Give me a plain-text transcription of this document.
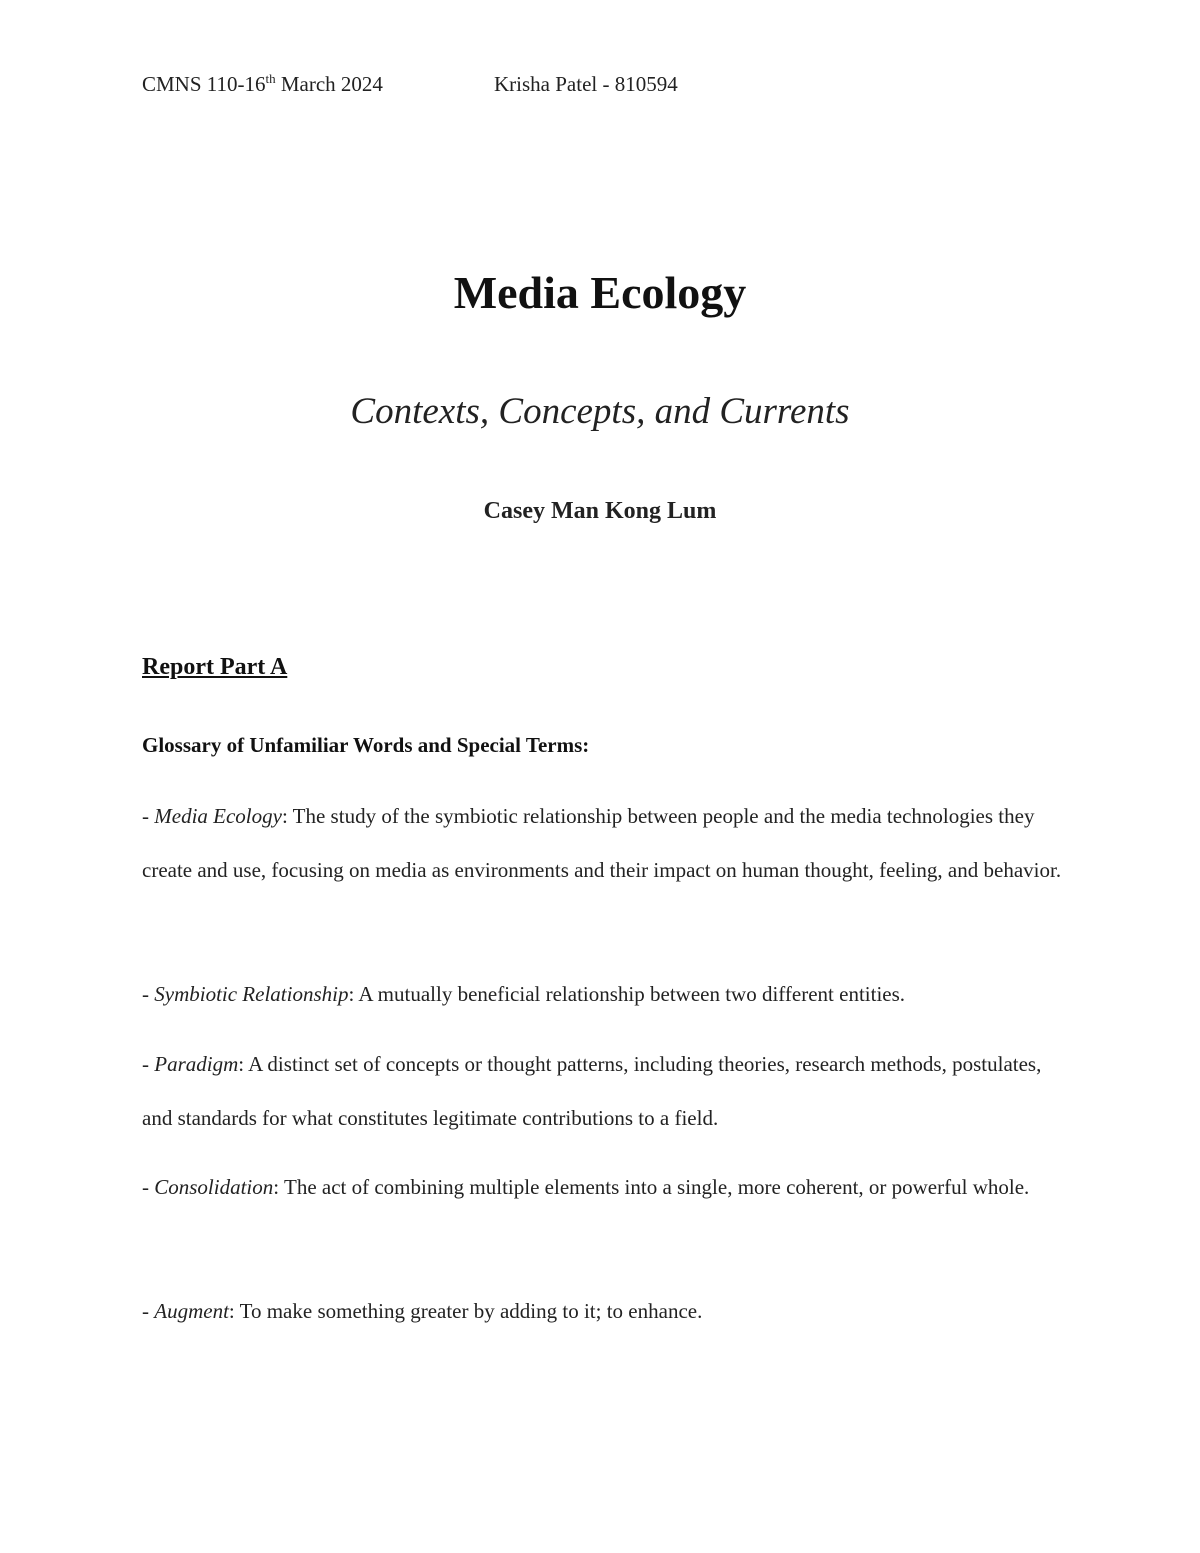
CMNS 110-16th March 2024	Krisha Patel - 810594
Media Ecology
Contexts, Concepts, and Currents
Casey Man Kong Lum
Report Part A
Glossary of Unfamiliar Words and Special Terms:
- Media Ecology: The study of the symbiotic relationship between people and the media technologies they create and use, focusing on media as environments and their impact on human thought, feeling, and behavior.
- Symbiotic Relationship: A mutually beneficial relationship between two different entities.
- Paradigm: A distinct set of concepts or thought patterns, including theories, research methods, postulates, and standards for what constitutes legitimate contributions to a field.
- Consolidation: The act of combining multiple elements into a single, more coherent, or powerful whole.
- Augment: To make something greater by adding to it; to enhance.
